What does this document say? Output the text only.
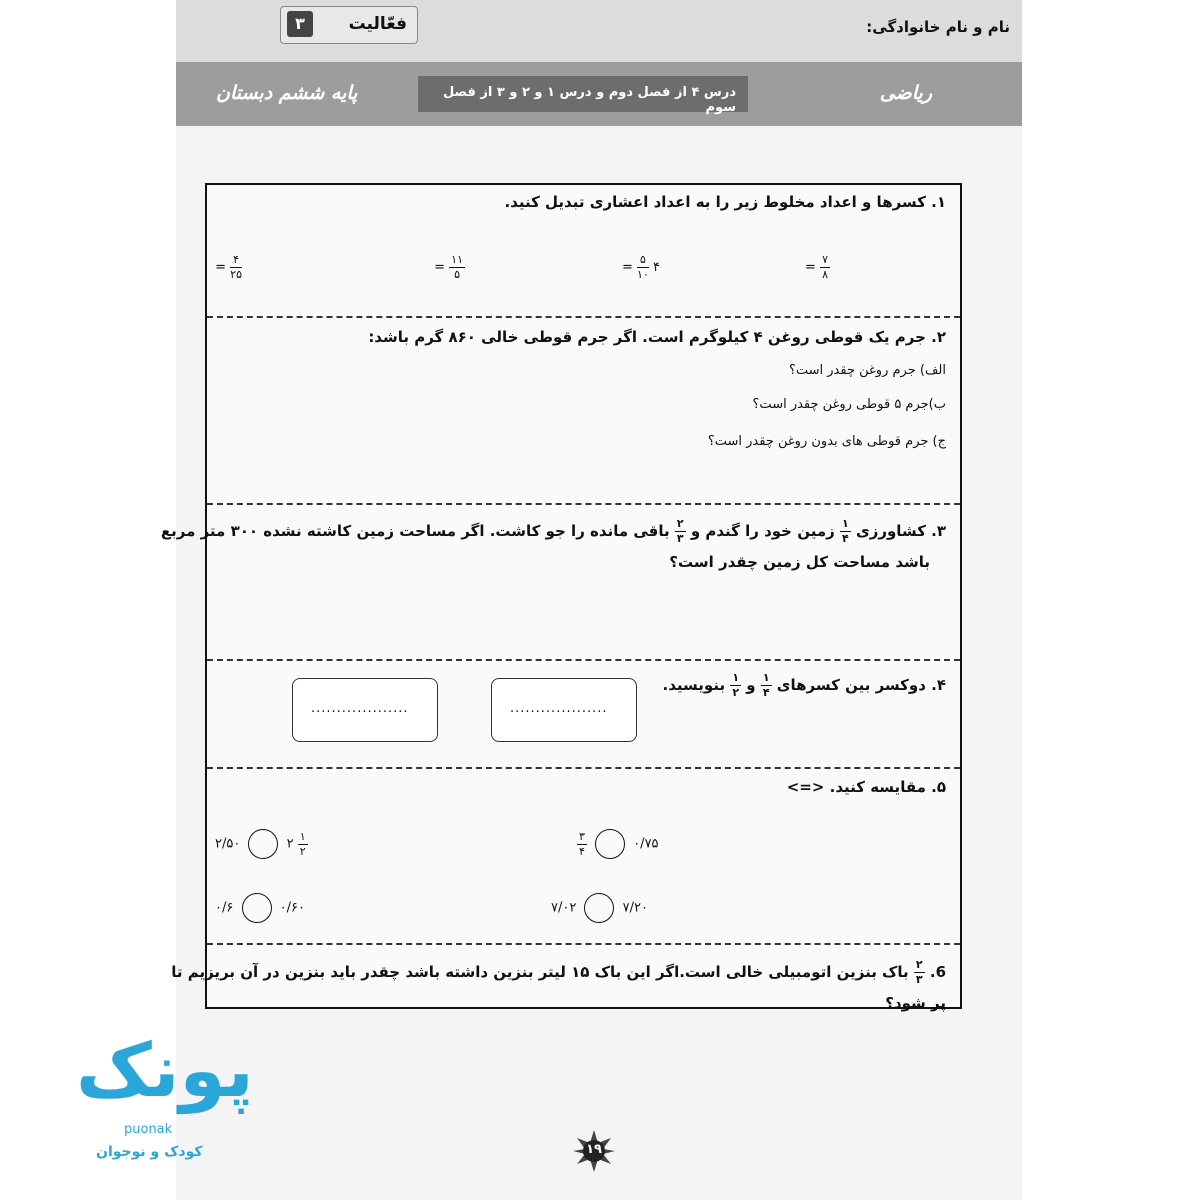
نام و نام خانوادگی:
فعّالیت
۳
ریاضی
درس ۴ از فصل دوم و درس ۱ و ۲ و ۳ از فصل سوم
پایه ششم دبستان
۱. کسرها و اعداد مخلوط زیر را به اعداد اعشاری تبدیل کنید.
=
۷
۸
=
۵
۱۰ ۴
=
۱۱
۵
=
۴
۲۵
۲. جرم یک قوطی روغن ۴ کیلوگرم است. اگر جرم قوطی خالی ۸۶۰ گرم باشد:
الف) جرم روغن چقدر است؟
ب)جرم ۵ قوطی روغن چقدر است؟
ج) جرم قوطی های بدون روغن چقدر است؟
۳. کشاورزی
۱
۴
زمین خود را گندم و
۲
۳
باقی مانده را جو کاشت. اگر مساحت زمین کاشته نشده ۳۰۰ متر مربع
باشد مساحت کل زمین چقدر است؟
۴. دوکسر بین کسرهای
۱
۴
و
۱
۲
بنویسید.
...................
...................
۵. مقایسه کنید. <=>
۳
۴	۰/۷۵
۲/۵۰	۲
۱
۲
۷/۰۲	۷/۲۰
۰/۶	۰/۶۰
6.
۲
۳
باک بنزین اتومبیلی خالی است.اگر این باک ۱۵ لیتر بنزین داشته باشد چقدر باید بنزین در آن بریزیم تا
پر شود؟
۱۹
پونک
puonak
کودک و نوجوان
